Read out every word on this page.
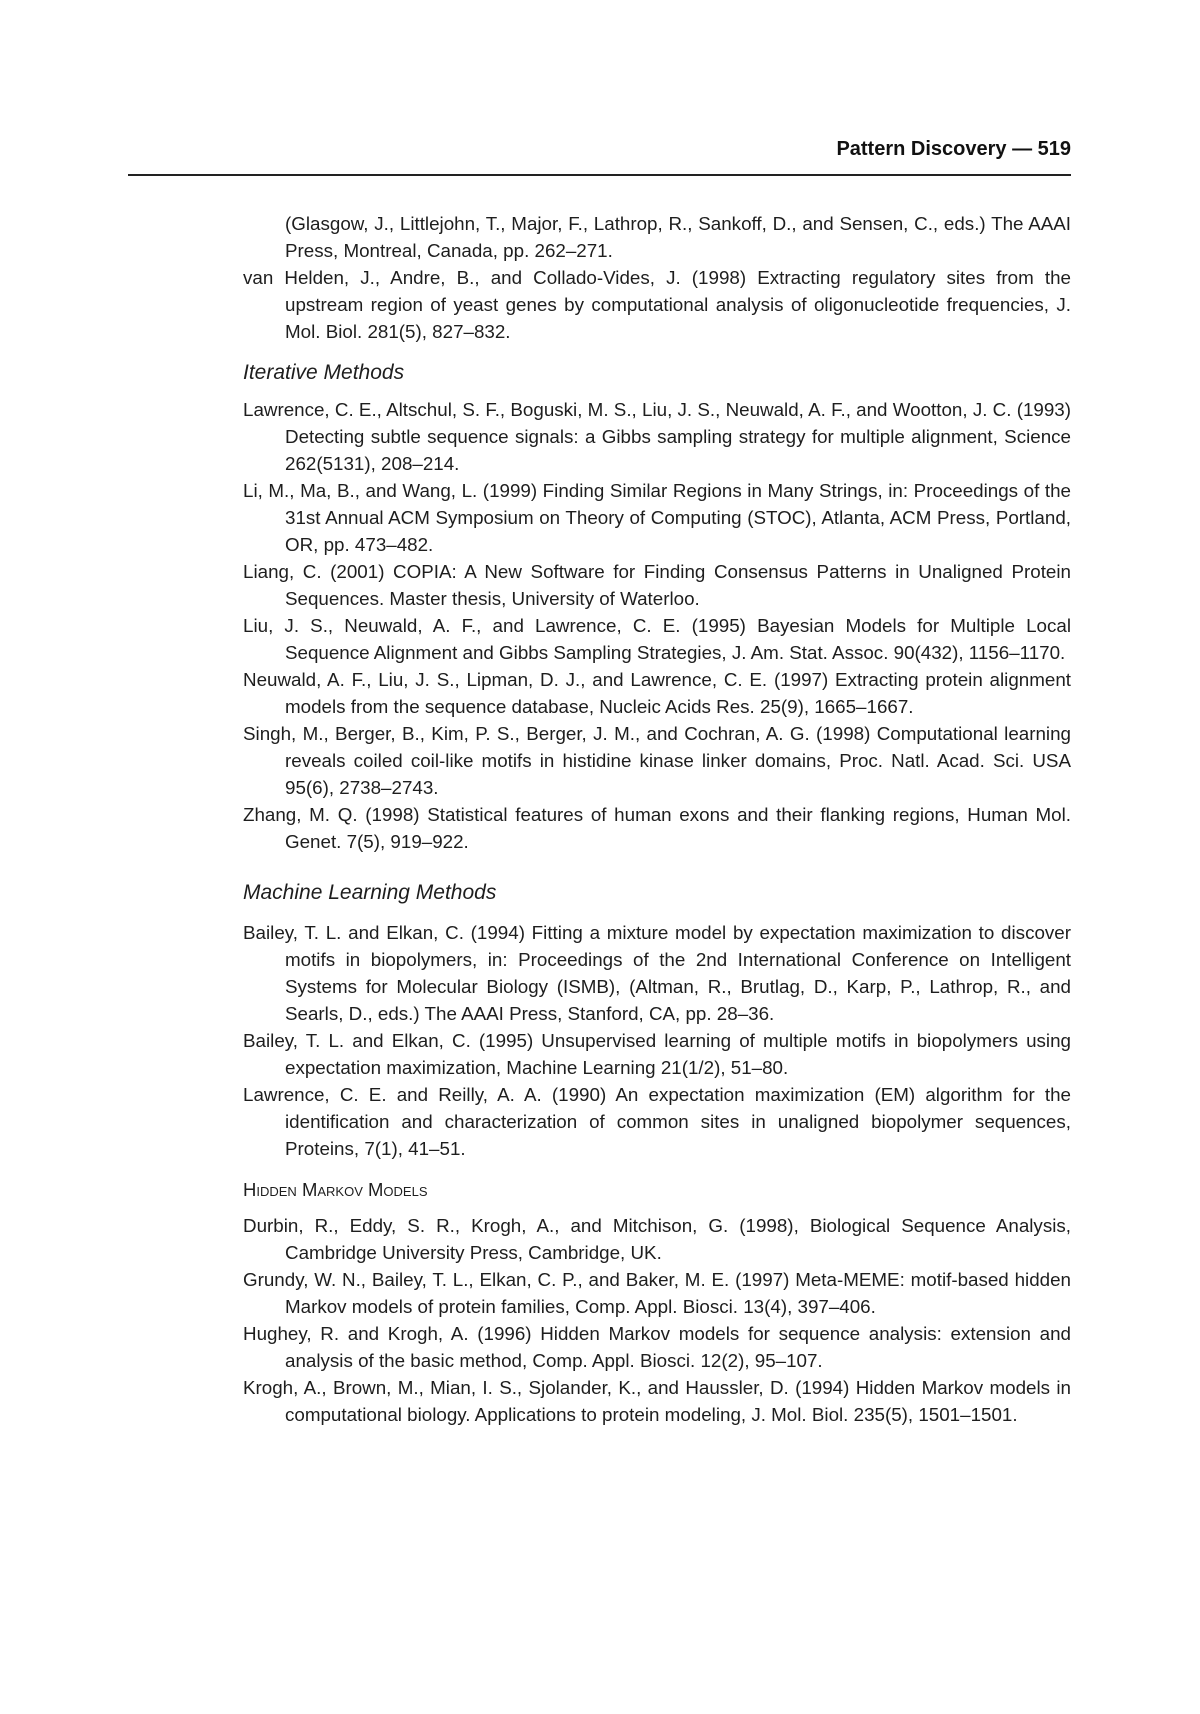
Pattern Discovery — 519
(Glasgow, J., Littlejohn, T., Major, F., Lathrop, R., Sankoff, D., and Sensen, C., eds.) The AAAI Press, Montreal, Canada, pp. 262–271.
van Helden, J., Andre, B., and Collado-Vides, J. (1998) Extracting regulatory sites from the upstream region of yeast genes by computational analysis of oligonucleotide frequencies, J. Mol. Biol. 281(5), 827–832.
Iterative Methods
Lawrence, C. E., Altschul, S. F., Boguski, M. S., Liu, J. S., Neuwald, A. F., and Wootton, J. C. (1993) Detecting subtle sequence signals: a Gibbs sampling strategy for multiple alignment, Science 262(5131), 208–214.
Li, M., Ma, B., and Wang, L. (1999) Finding Similar Regions in Many Strings, in: Proceedings of the 31st Annual ACM Symposium on Theory of Computing (STOC), Atlanta, ACM Press, Portland, OR, pp. 473–482.
Liang, C. (2001) COPIA: A New Software for Finding Consensus Patterns in Unaligned Protein Sequences. Master thesis, University of Waterloo.
Liu, J. S., Neuwald, A. F., and Lawrence, C. E. (1995) Bayesian Models for Multiple Local Sequence Alignment and Gibbs Sampling Strategies, J. Am. Stat. Assoc. 90(432), 1156–1170.
Neuwald, A. F., Liu, J. S., Lipman, D. J., and Lawrence, C. E. (1997) Extracting protein alignment models from the sequence database, Nucleic Acids Res. 25(9), 1665–1667.
Singh, M., Berger, B., Kim, P. S., Berger, J. M., and Cochran, A. G. (1998) Computational learning reveals coiled coil-like motifs in histidine kinase linker domains, Proc. Natl. Acad. Sci. USA 95(6), 2738–2743.
Zhang, M. Q. (1998) Statistical features of human exons and their flanking regions, Human Mol. Genet. 7(5), 919–922.
Machine Learning Methods
Bailey, T. L. and Elkan, C. (1994) Fitting a mixture model by expectation maximization to discover motifs in biopolymers, in: Proceedings of the 2nd International Conference on Intelligent Systems for Molecular Biology (ISMB), (Altman, R., Brutlag, D., Karp, P., Lathrop, R., and Searls, D., eds.) The AAAI Press, Stanford, CA, pp. 28–36.
Bailey, T. L. and Elkan, C. (1995) Unsupervised learning of multiple motifs in biopolymers using expectation maximization, Machine Learning 21(1/2), 51–80.
Lawrence, C. E. and Reilly, A. A. (1990) An expectation maximization (EM) algorithm for the identification and characterization of common sites in unaligned biopolymer sequences, Proteins, 7(1), 41–51.
Hidden Markov Models
Durbin, R., Eddy, S. R., Krogh, A., and Mitchison, G. (1998), Biological Sequence Analysis, Cambridge University Press, Cambridge, UK.
Grundy, W. N., Bailey, T. L., Elkan, C. P., and Baker, M. E. (1997) Meta-MEME: motif-based hidden Markov models of protein families, Comp. Appl. Biosci. 13(4), 397–406.
Hughey, R. and Krogh, A. (1996) Hidden Markov models for sequence analysis: extension and analysis of the basic method, Comp. Appl. Biosci. 12(2), 95–107.
Krogh, A., Brown, M., Mian, I. S., Sjolander, K., and Haussler, D. (1994) Hidden Markov models in computational biology. Applications to protein modeling, J. Mol. Biol. 235(5), 1501–1501.
